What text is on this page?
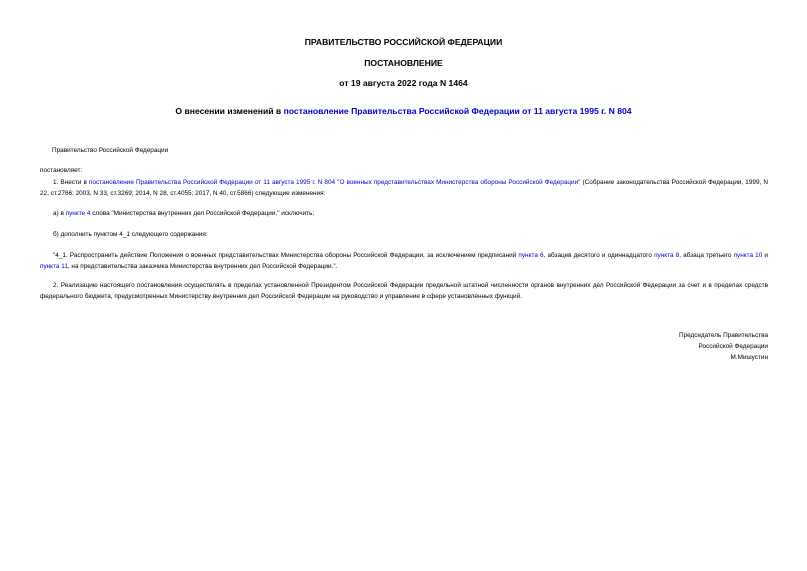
ПРАВИТЕЛЬСТВО РОССИЙСКОЙ ФЕДЕРАЦИИ
ПОСТАНОВЛЕНИЕ
от 19 августа 2022 года N 1464
О внесении изменений в постановление Правительства Российской Федерации от 11 августа 1995 г. N 804
Правительство Российской Федерации
постановляет:
1. Внести в постановление Правительства Российской Федерации от 11 августа 1995 г. N 804 "О военных представительствах Министерства обороны Российской Федерации" (Собрание законодательства Российской Федерации, 1999, N 22, ст.2766; 2003, N 33, ст.3269; 2014, N 28, ст.4055; 2017, N 40, ст.5866) следующие изменения:
а) в пункте 4 слова "Министерства внутренних дел Российской Федерации," исключить;
б) дополнить пунктом 4_1 следующего содержания:
"4_1. Распространить действие Положения о военных представительствах Министерства обороны Российской Федерации, за исключением предписаний пункта 6, абзацев десятого и одиннадцатого пункта 8, абзаца третьего пункта 10 и пункта 11, на представительства заказчика Министерства внутренних дел Российской Федерации.".
2. Реализацию настоящего постановления осуществлять в пределах установленной Президентом Российской Федерации предельной штатной численности органов внутренних дел Российской Федерации за счет и в пределах средств федерального бюджета, предусмотренных Министерству внутренних дел Российской Федерации на руководство и управление в сфере установленных функций.
Председатель Правительства
Российской Федерации
М.Мишустин
